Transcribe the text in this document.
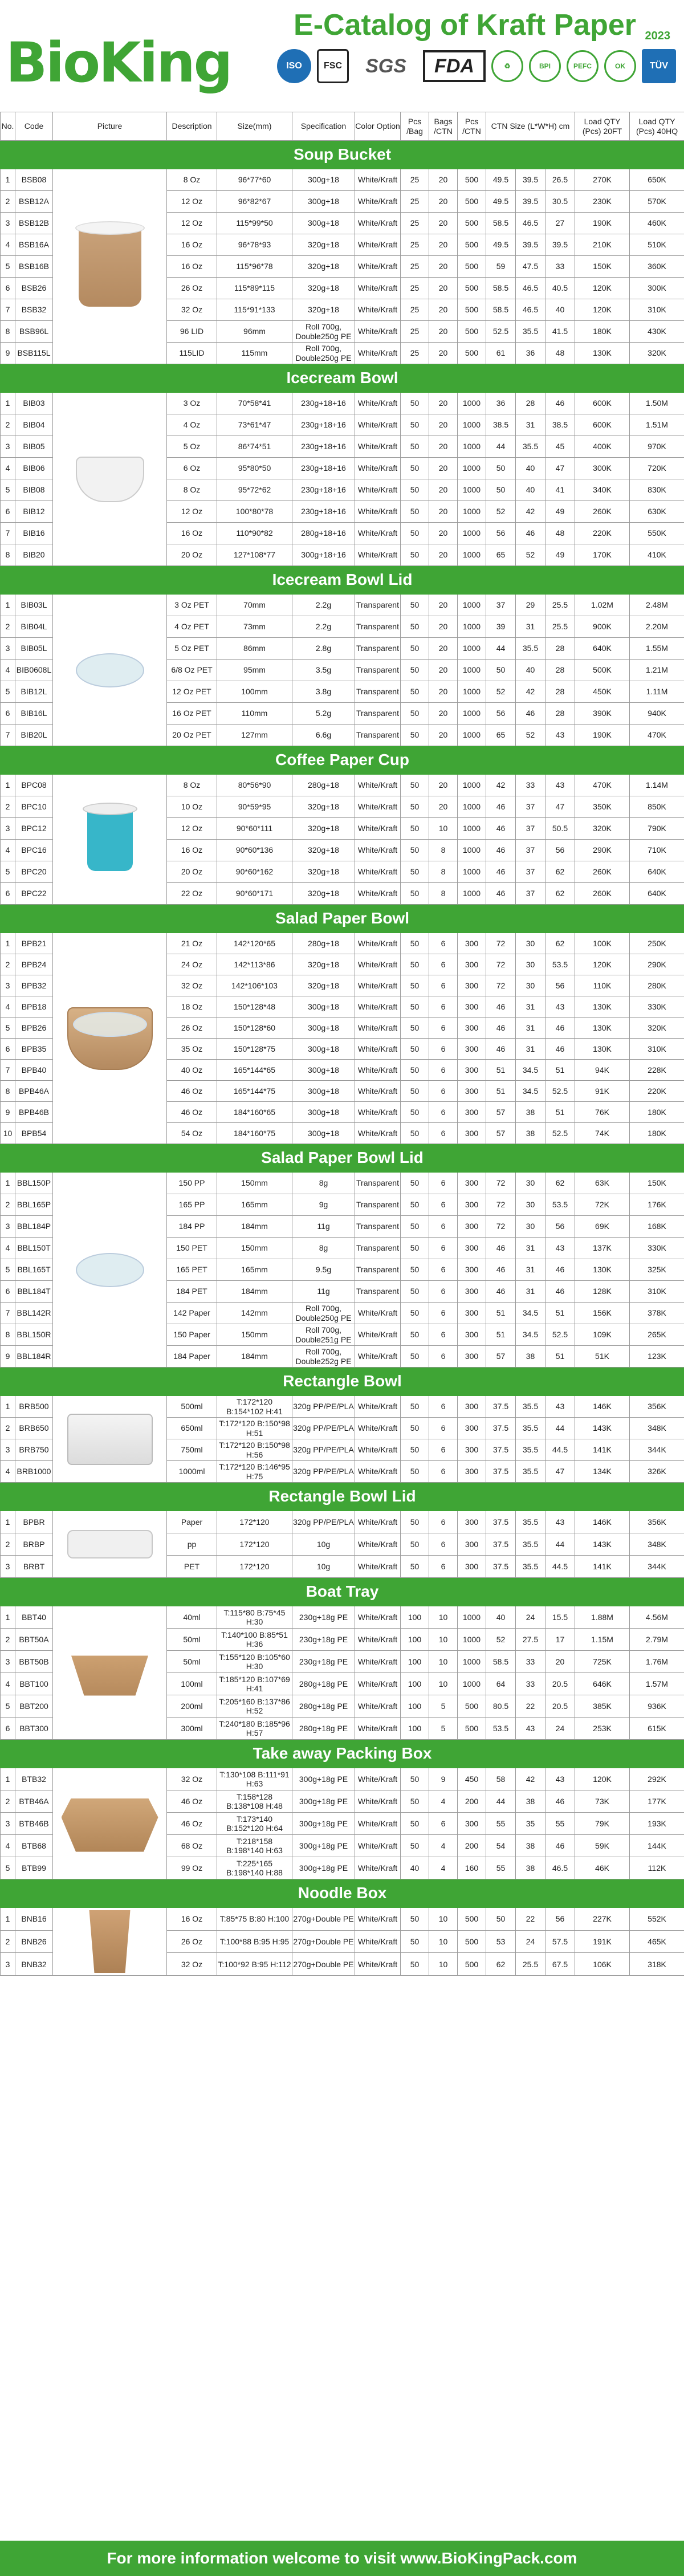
BioKing
E-Catalog of Kraft Paper 2023
ISO	FSC	SGS	FDA	♻	BPI	PEFC	OK	TÜV
No.	Code	Picture	Description	Size(mm)	Specification	Color Option	Pcs /Bag	Bags /CTN	Pcs /CTN	CTN Size (L*W*H) cm			Load QTY (Pcs) 20FT	Load QTY (Pcs) 40HQ
Soup Bucket														
1	BSB08		8 Oz	96*77*60	300g+18	White/Kraft	25	20	500	49.5	39.5	26.5	270K	650K
2	BSB12A		12 Oz	96*82*67	300g+18	White/Kraft	25	20	500	49.5	39.5	30.5	230K	570K
3	BSB12B		12 Oz	115*99*50	300g+18	White/Kraft	25	20	500	58.5	46.5	27	190K	460K
4	BSB16A		16 Oz	96*78*93	320g+18	White/Kraft	25	20	500	49.5	39.5	39.5	210K	510K
5	BSB16B		16 Oz	115*96*78	320g+18	White/Kraft	25	20	500	59	47.5	33	150K	360K
6	BSB26		26 Oz	115*89*115	320g+18	White/Kraft	25	20	500	58.5	46.5	40.5	120K	300K
7	BSB32		32 Oz	115*91*133	320g+18	White/Kraft	25	20	500	58.5	46.5	40	120K	310K
8	BSB96L		96 LID	96mm	Roll 700g, Double250g PE	White/Kraft	25	20	500	52.5	35.5	41.5	180K	430K
9	BSB115L		115LID	115mm	Roll 700g, Double250g PE	White/Kraft	25	20	500	61	36	48	130K	320K
Icecream Bowl														
1	BIB03		3 Oz	70*58*41	230g+18+16	White/Kraft	50	20	1000	36	28	46	600K	1.50M
2	BIB04		4 Oz	73*61*47	230g+18+16	White/Kraft	50	20	1000	38.5	31	38.5	600K	1.51M
3	BIB05		5 Oz	86*74*51	230g+18+16	White/Kraft	50	20	1000	44	35.5	45	400K	970K
4	BIB06		6 Oz	95*80*50	230g+18+16	White/Kraft	50	20	1000	50	40	47	300K	720K
5	BIB08		8 Oz	95*72*62	230g+18+16	White/Kraft	50	20	1000	50	40	41	340K	830K
6	BIB12		12 Oz	100*80*78	230g+18+16	White/Kraft	50	20	1000	52	42	49	260K	630K
7	BIB16		16 Oz	110*90*82	280g+18+16	White/Kraft	50	20	1000	56	46	48	220K	550K
8	BIB20		20 Oz	127*108*77	300g+18+16	White/Kraft	50	20	1000	65	52	49	170K	410K
Icecream Bowl Lid														
1	BIB03L		3 Oz PET	70mm	2.2g	Transparent	50	20	1000	37	29	25.5	1.02M	2.48M
2	BIB04L		4 Oz PET	73mm	2.2g	Transparent	50	20	1000	39	31	25.5	900K	2.20M
3	BIB05L		5 Oz PET	86mm	2.8g	Transparent	50	20	1000	44	35.5	28	640K	1.55M
4	BIB0608L		6/8 Oz PET	95mm	3.5g	Transparent	50	20	1000	50	40	28	500K	1.21M
5	BIB12L		12 Oz PET	100mm	3.8g	Transparent	50	20	1000	52	42	28	450K	1.11M
6	BIB16L		16 Oz PET	110mm	5.2g	Transparent	50	20	1000	56	46	28	390K	940K
7	BIB20L		20 Oz PET	127mm	6.6g	Transparent	50	20	1000	65	52	43	190K	470K
Coffee Paper Cup														
1	BPC08		8 Oz	80*56*90	280g+18	White/Kraft	50	20	1000	42	33	43	470K	1.14M
2	BPC10		10 Oz	90*59*95	320g+18	White/Kraft	50	20	1000	46	37	47	350K	850K
3	BPC12		12 Oz	90*60*111	320g+18	White/Kraft	50	10	1000	46	37	50.5	320K	790K
4	BPC16		16 Oz	90*60*136	320g+18	White/Kraft	50	8	1000	46	37	56	290K	710K
5	BPC20		20 Oz	90*60*162	320g+18	White/Kraft	50	8	1000	46	37	62	260K	640K
6	BPC22		22 Oz	90*60*171	320g+18	White/Kraft	50	8	1000	46	37	62	260K	640K
Salad Paper Bowl														
1	BPB21		21 Oz	142*120*65	280g+18	White/Kraft	50	6	300	72	30	62	100K	250K
2	BPB24		24 Oz	142*113*86	320g+18	White/Kraft	50	6	300	72	30	53.5	120K	290K
3	BPB32		32 Oz	142*106*103	320g+18	White/Kraft	50	6	300	72	30	56	110K	280K
4	BPB18		18 Oz	150*128*48	300g+18	White/Kraft	50	6	300	46	31	43	130K	330K
5	BPB26		26 Oz	150*128*60	300g+18	White/Kraft	50	6	300	46	31	46	130K	320K
6	BPB35		35 Oz	150*128*75	300g+18	White/Kraft	50	6	300	46	31	46	130K	310K
7	BPB40		40 Oz	165*144*65	300g+18	White/Kraft	50	6	300	51	34.5	51	94K	228K
8	BPB46A		46 Oz	165*144*75	300g+18	White/Kraft	50	6	300	51	34.5	52.5	91K	220K
9	BPB46B		46 Oz	184*160*65	300g+18	White/Kraft	50	6	300	57	38	51	76K	180K
10	BPB54		54 Oz	184*160*75	300g+18	White/Kraft	50	6	300	57	38	52.5	74K	180K
Salad Paper Bowl Lid														
1	BBL150P		150 PP	150mm	8g	Transparent	50	6	300	72	30	62	63K	150K
2	BBL165P		165 PP	165mm	9g	Transparent	50	6	300	72	30	53.5	72K	176K
3	BBL184P		184 PP	184mm	11g	Transparent	50	6	300	72	30	56	69K	168K
4	BBL150T		150 PET	150mm	8g	Transparent	50	6	300	46	31	43	137K	330K
5	BBL165T		165 PET	165mm	9.5g	Transparent	50	6	300	46	31	46	130K	325K
6	BBL184T		184 PET	184mm	11g	Transparent	50	6	300	46	31	46	128K	310K
7	BBL142R		142 Paper	142mm	Roll 700g, Double250g PE	White/Kraft	50	6	300	51	34.5	51	156K	378K
8	BBL150R		150 Paper	150mm	Roll 700g, Double251g PE	White/Kraft	50	6	300	51	34.5	52.5	109K	265K
9	BBL184R		184 Paper	184mm	Roll 700g, Double252g PE	White/Kraft	50	6	300	57	38	51	51K	123K
Rectangle Bowl														
1	BRB500		500ml	T:172*120 B:154*102 H:41	320g PP/PE/PLA	White/Kraft	50	6	300	37.5	35.5	43	146K	356K
2	BRB650		650ml	T:172*120 B:150*98 H:51	320g PP/PE/PLA	White/Kraft	50	6	300	37.5	35.5	44	143K	348K
3	BRB750		750ml	T:172*120 B:150*98 H:56	320g PP/PE/PLA	White/Kraft	50	6	300	37.5	35.5	44.5	141K	344K
4	BRB1000		1000ml	T:172*120 B:146*95 H:75	320g PP/PE/PLA	White/Kraft	50	6	300	37.5	35.5	47	134K	326K
Rectangle Bowl Lid														
1	BPBR		Paper	172*120	320g PP/PE/PLA	White/Kraft	50	6	300	37.5	35.5	43	146K	356K
2	BRBP		pp	172*120	10g	White/Kraft	50	6	300	37.5	35.5	44	143K	348K
3	BRBT		PET	172*120	10g	White/Kraft	50	6	300	37.5	35.5	44.5	141K	344K
Boat Tray														
1	BBT40		40ml	T:115*80 B:75*45 H:30	230g+18g PE	White/Kraft	100	10	1000	40	24	15.5	1.88M	4.56M
2	BBT50A		50ml	T:140*100 B:85*51 H:36	230g+18g PE	White/Kraft	100	10	1000	52	27.5	17	1.15M	2.79M
3	BBT50B		50ml	T:155*120 B:105*60 H:30	230g+18g PE	White/Kraft	100	10	1000	58.5	33	20	725K	1.76M
4	BBT100		100ml	T:185*120 B:107*69 H:41	280g+18g PE	White/Kraft	100	10	1000	64	33	20.5	646K	1.57M
5	BBT200		200ml	T:205*160 B:137*86 H:52	280g+18g PE	White/Kraft	100	5	500	80.5	22	20.5	385K	936K
6	BBT300		300ml	T:240*180 B:185*96 H:57	280g+18g PE	White/Kraft	100	5	500	53.5	43	24	253K	615K
Take away Packing Box														
1	BTB32		32 Oz	T:130*108 B:111*91 H:63	300g+18g PE	White/Kraft	50	9	450	58	42	43	120K	292K
2	BTB46A		46 Oz	T:158*128 B:138*108 H:48	300g+18g PE	White/Kraft	50	4	200	44	38	46	73K	177K
3	BTB46B		46 Oz	T:173*140 B:152*120 H:64	300g+18g PE	White/Kraft	50	6	300	55	35	55	79K	193K
4	BTB68		68 Oz	T:218*158 B:198*140 H:63	300g+18g PE	White/Kraft	50	4	200	54	38	46	59K	144K
5	BTB99		99 Oz	T:225*165 B:198*140 H:88	300g+18g PE	White/Kraft	40	4	160	55	38	46.5	46K	112K
Noodle Box														
1	BNB16		16 Oz	T:85*75 B:80 H:100	270g+Double PE	White/Kraft	50	10	500	50	22	56	227K	552K
2	BNB26		26 Oz	T:100*88 B:95 H:95	270g+Double PE	White/Kraft	50	10	500	53	24	57.5	191K	465K
3	BNB32		32 Oz	T:100*92 B:95 H:112	270g+Double PE	White/Kraft	50	10	500	62	25.5	67.5	106K	318K
For more information welcome to visit www.BioKingPack.com
